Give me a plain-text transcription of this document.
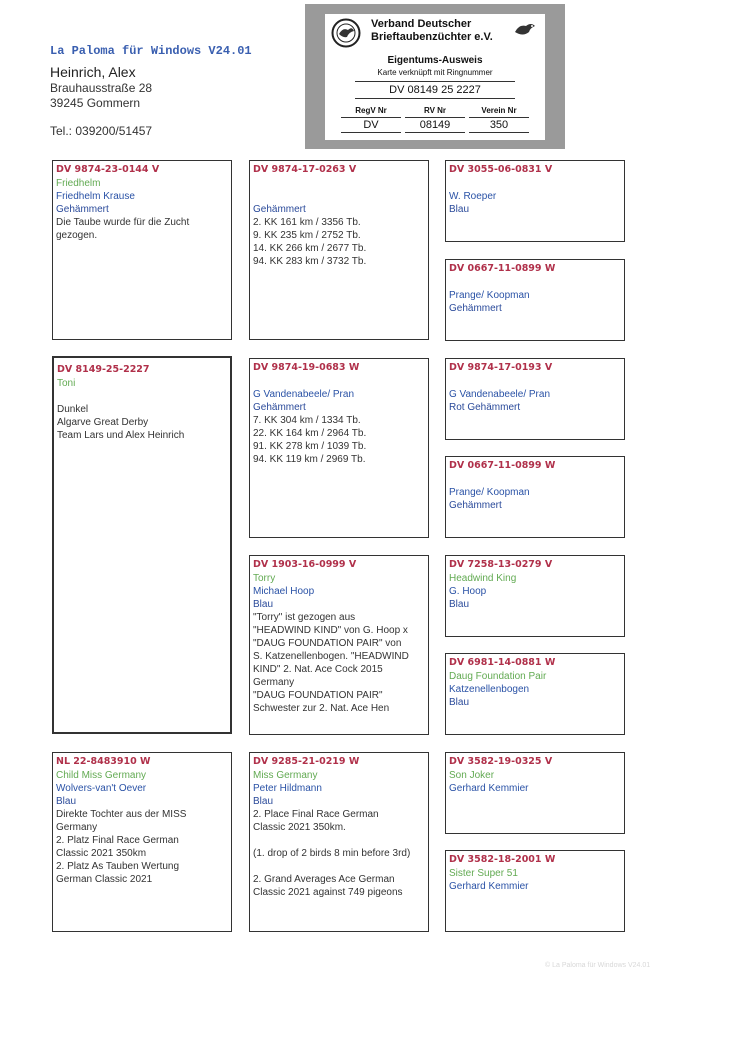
La Paloma für Windows V24.01
Heinrich, Alex
Brauhausstraße 28
39245 Gommern
Tel.: 039200/51457
Verband Deutscher
Brieftaubenzüchter e.V.
Eigentums-Ausweis
Karte verknüpft mit Ringnummer
DV 08149 25 2227
RegV Nr
DV
RV Nr
08149
Verein Nr
350
DV 9874-23-0144 V
Friedhelm
Friedhelm Krause
Gehämmert
Die Taube wurde für die Zucht
gezogen.
DV 8149-25-2227
Toni
Dunkel
Algarve Great Derby
Team Lars und Alex Heinrich
NL 22-8483910 W
Child Miss Germany
Wolvers-van't Oever
Blau
Direkte Tochter aus der MISS
Germany
2. Platz Final Race German
Classic 2021 350km
2. Platz As Tauben Wertung
German Classic 2021
DV 9874-17-0263 V
Gehämmert
2. KK 161 km / 3356 Tb.
9. KK 235 km / 2752 Tb.
14. KK 266 km / 2677 Tb.
94. KK 283 km / 3732 Tb.
DV 9874-19-0683 W
G Vandenabeele/ Pran
Gehämmert
7. KK 304 km / 1334 Tb.
22. KK 164 km / 2964 Tb.
91. KK 278 km / 1039 Tb.
94. KK 119 km / 2969 Tb.
DV 1903-16-0999 V
Torry
Michael Hoop
Blau
"Torry" ist gezogen aus
"HEADWIND KIND" von G. Hoop x
"DAUG FOUNDATION PAIR" von
S. Katzenellenbogen. "HEADWIND
KIND" 2. Nat. Ace Cock 2015
Germany
"DAUG FOUNDATION PAIR"
Schwester zur 2. Nat. Ace Hen
DV 9285-21-0219 W
Miss Germany
Peter Hildmann
Blau
2. Place Final Race German
Classic 2021 350km.
(1. drop of 2 birds 8 min before 3rd)
2. Grand Averages Ace German
Classic 2021 against 749 pigeons
DV 3055-06-0831 V
W. Roeper
Blau
DV 0667-11-0899 W
Prange/ Koopman
Gehämmert
DV 9874-17-0193 V
G Vandenabeele/ Pran
Rot Gehämmert
DV 0667-11-0899 W
Prange/ Koopman
Gehämmert
DV 7258-13-0279 V
Headwind King
G. Hoop
Blau
DV 6981-14-0881 W
Daug Foundation Pair
Katzenellenbogen
Blau
DV 3582-19-0325 V
Son Joker
Gerhard Kemmier
DV 3582-18-2001 W
Sister Super 51
Gerhard Kemmier
© La Paloma für Windows V24.01
